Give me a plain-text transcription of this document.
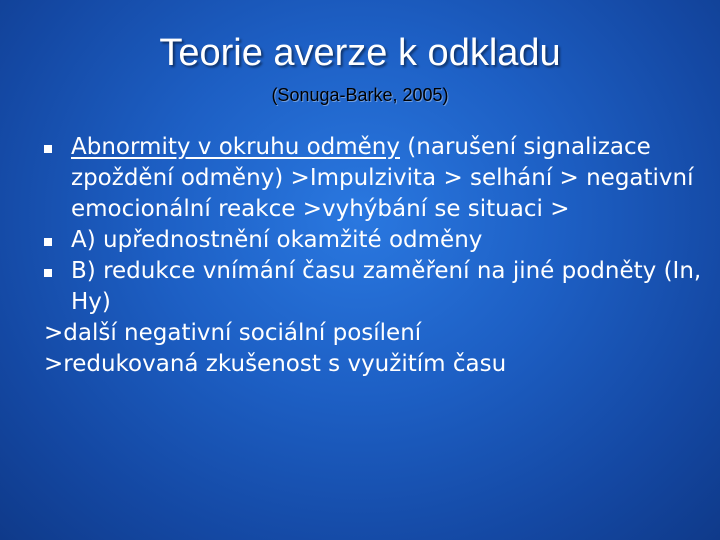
Teorie averze k odkladu
(Sonuga-Barke, 2005)

Abnormity v okruhu odměny (narušení signalizace zpoždění odměny) >Impulzivita > selhání > negativní emocionální reakce >vyhýbání se situaci >

A) upřednostnění okamžité odměny

B) redukce vnímání času zaměření na jiné podněty (In, Hy)

>další negativní sociální posílení

>redukovaná zkušenost s využitím času
